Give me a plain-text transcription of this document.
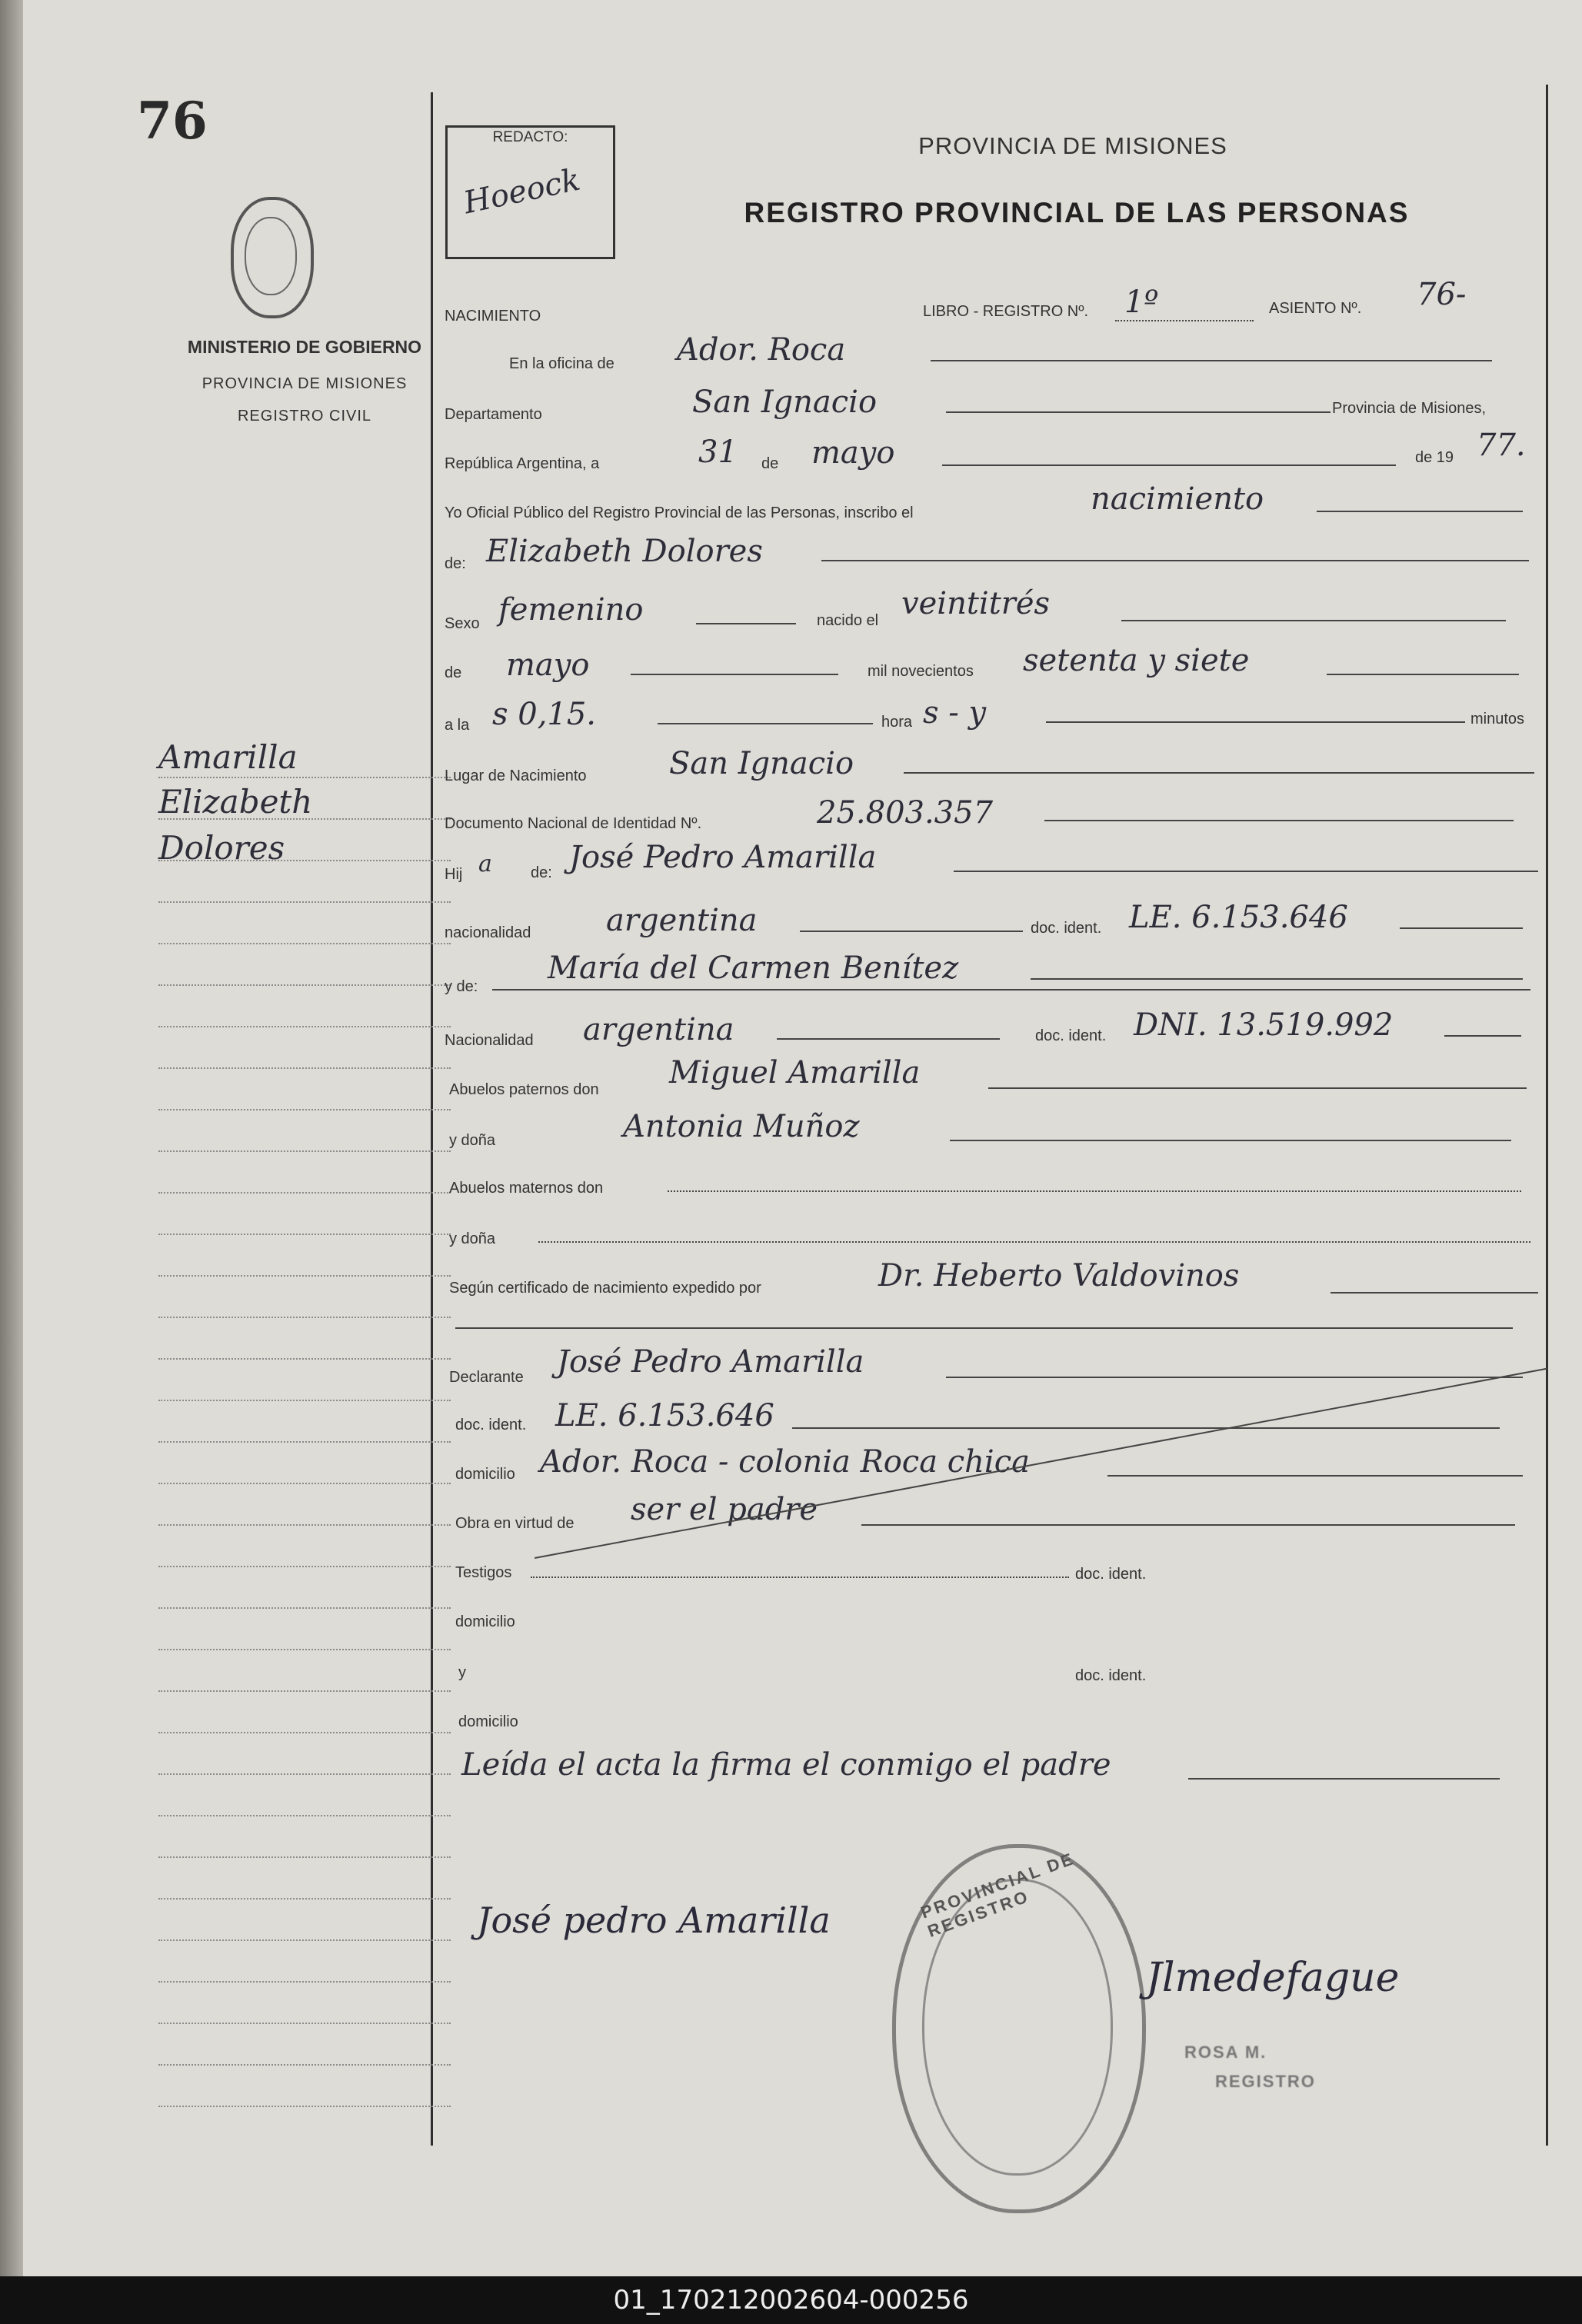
76
MINISTERIO DE GOBIERNO
PROVINCIA DE MISIONES
REGISTRO CIVIL
Amarilla
Elizabeth
Dolores
REDACTO:
Hoeock
PROVINCIA DE MISIONES
REGISTRO PROVINCIAL DE LAS PERSONAS
NACIMIENTO	LIBRO - REGISTRO Nº. 1º	ASIENTO Nº. 76-
En la oficina de Ador. Roca
Departamento	San Ignacio	Provincia de Misiones,
República Argentina, a	31 de mayo	de 19 77.
Yo Oficial Público del Registro Provincial de las Personas, inscribo el	nacimiento
de: Elizabeth Dolores
Sexo femenino	nacido el veintitrés
de mayo	mil novecientos setenta y siete
a la s 0,15.	hora s - y	minutos
Lugar de Nacimiento	San Ignacio
Documento Nacional de Identidad Nº.	25.803.357
Hij a	de: José Pedro Amarilla
nacionalidad argentina	doc. ident. LE. 6.153.646
y de:
María del Carmen Benítez
Nacionalidad argentina	doc. ident. DNI. 13.519.992
Abuelos paternos don Miguel Amarilla
y doña	Antonia Muñoz
Abuelos maternos don
y doña
Según certificado de nacimiento expedido por	Dr. Heberto Valdovinos
Declarante José Pedro Amarilla
doc. ident. LE. 6.153.646
domicilio Ador. Roca - colonia Roca chica
Obra en virtud de ser el padre
Testigos	doc. ident.
domicilio
y	doc. ident.
domicilio
Leída el acta la firma el conmigo el padre
José pedro Amarilla	PROVINCIAL DE REGISTRO
Jlmedefague
ROSA M.
REGISTRO
01_170212002604-000256
